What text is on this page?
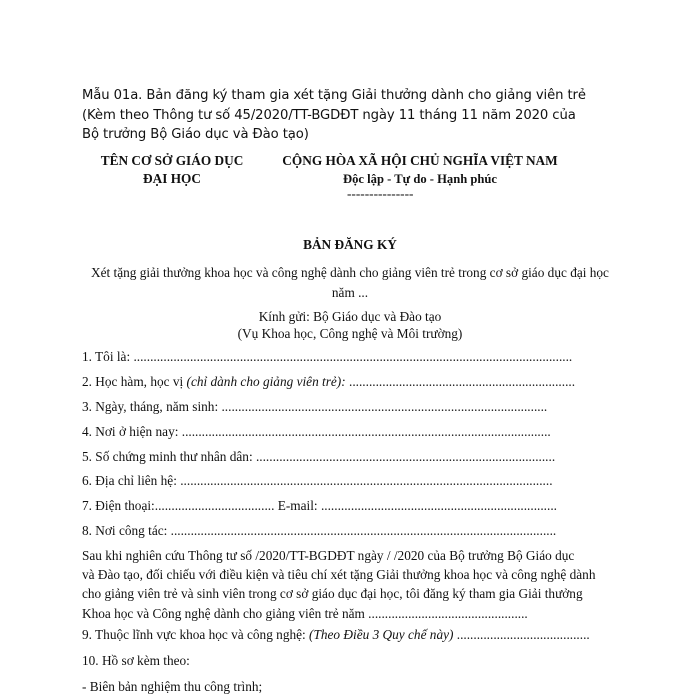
Mẫu 01a. Bản đăng ký tham gia xét tặng Giải thưởng dành cho giảng viên trẻ
(Kèm theo Thông tư số 45/2020/TT-BGDĐT ngày 11 tháng 11 năm 2020 của
Bộ trưởng Bộ Giáo dục và Đào tạo)
TÊN CƠ SỞ GIÁO DỤC
ĐẠI HỌC
CỘNG HÒA XÃ HỘI CHỦ NGHĨA VIỆT NAM
Độc lập - Tự do - Hạnh phúc
---------------
BẢN ĐĂNG KÝ
Xét tặng giải thưởng khoa học và công nghệ dành cho giảng viên trẻ trong cơ sở giáo dục đại học
năm ...
Kính gửi: Bộ Giáo dục và Đào tạo
(Vụ Khoa học, Công nghệ và Môi trường)
1. Tôi là: ....................................................................................................................................
2. Học hàm, học vị (chỉ dành cho giảng viên trẻ): ....................................................................
3. Ngày, tháng, năm sinh: ..................................................................................................
4. Nơi ở hiện nay: ...............................................................................................................
5. Số chứng minh thư nhân dân: ..........................................................................................
6. Địa chỉ liên hệ: ................................................................................................................
7. Điện thoại:.................................... E-mail: .......................................................................
8. Nơi công tác: ....................................................................................................................
Sau khi nghiên cứu Thông tư số /2020/TT-BGDĐT ngày / /2020 của Bộ trưởng Bộ Giáo dục
và Đào tạo, đối chiếu với điều kiện và tiêu chí xét tặng Giải thưởng khoa học và công nghệ dành
cho giảng viên trẻ và sinh viên trong cơ sở giáo dục đại học, tôi đăng ký tham gia Giải thưởng
Khoa học và Công nghệ dành cho giảng viên trẻ năm ................................................
9. Thuộc lĩnh vực khoa học và công nghệ: (Theo Điều 3 Quy chế này) ........................................
10. Hồ sơ kèm theo:
- Biên bản nghiệm thu công trình;
